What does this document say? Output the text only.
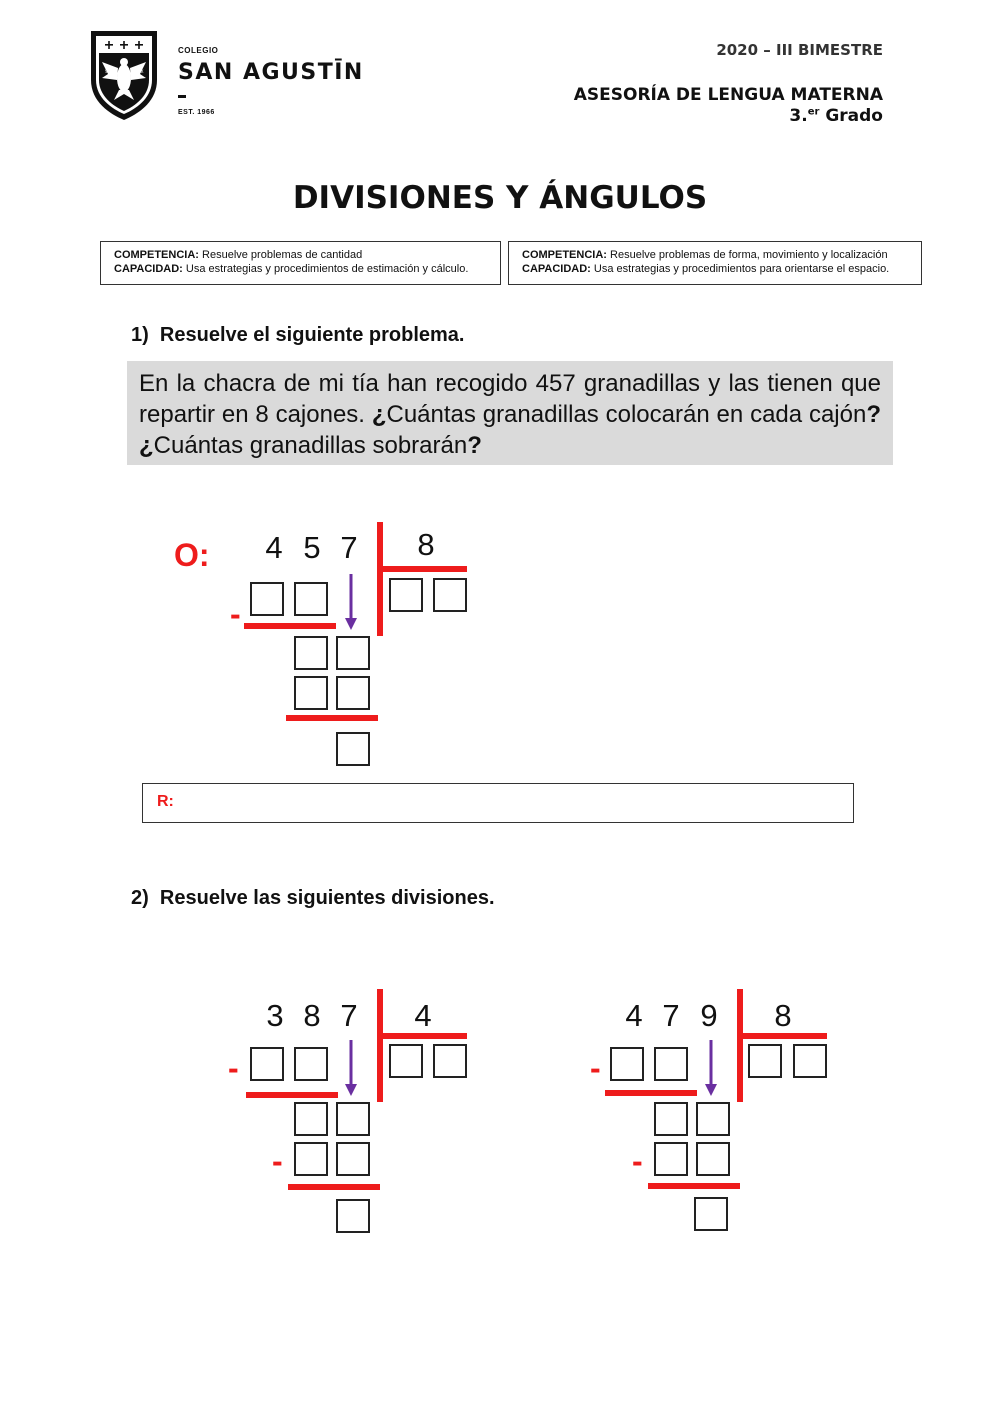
SA	CX
COLEGIO
SAN AGUSTĪN
EST. 1966
2020 – III BIMESTRE
ASESORÍA DE LENGUA MATERNA
3.$^{er}$ Grado
DIVISIONES Y ÁNGULOS
COMPETENCIA: Resuelve problemas de cantidad
CAPACIDAD: Usa estrategias y procedimientos de estimación y cálculo.
COMPETENCIA: Resuelve problemas de forma, movimiento y localización
CAPACIDAD: Usa estrategias y procedimientos para orientarse el espacio.
1) Resuelve el siguiente problema.
En la chacra de mi tía han recogido 457 granadillas y las tienen que repartir en 8 cajones. ¿Cuántas granadillas colocarán en cada cajón? ¿Cuántas granadillas sobrarán?
O:	4 5 7	8
-
R:
2) Resuelve las siguientes divisiones.
3 8 7	4
-
-
4 7 9	8
-
-
